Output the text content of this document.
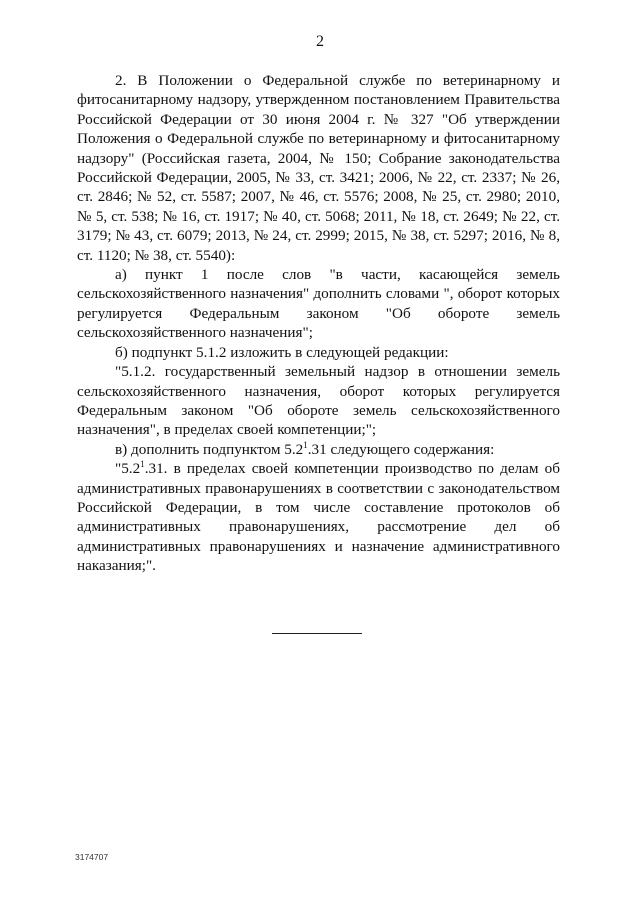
2

2. В Положении о Федеральной службе по ветеринарному и фитосанитарному надзору, утвержденном постановлением Правительства Российской Федерации от 30 июня 2004 г. № 327 "Об утверждении Положения о Федеральной службе по ветеринарному и фитосанитарному надзору" (Российская газета, 2004, № 150; Собрание законодательства Российской Федерации, 2005, № 33, ст. 3421; 2006, № 22, ст. 2337; № 26, ст. 2846; № 52, ст. 5587; 2007, № 46, ст. 5576; 2008, № 25, ст. 2980; 2010, № 5, ст. 538; № 16, ст. 1917; № 40, ст. 5068; 2011, № 18, ст. 2649; № 22, ст. 3179; № 43, ст. 6079; 2013, № 24, ст. 2999; 2015, № 38, ст. 5297; 2016, № 8, ст. 1120; № 38, ст. 5540):

а) пункт 1 после слов "в части, касающейся земель сельскохозяйственного назначения" дополнить словами ", оборот которых регулируется Федеральным законом "Об обороте земель сельскохозяйственного назначения";

б) подпункт 5.1.2 изложить в следующей редакции:

"5.1.2. государственный земельный надзор в отношении земель сельскохозяйственного назначения, оборот которых регулируется Федеральным законом "Об обороте земель сельскохозяйственного назначения", в пределах своей компетенции;";

в) дополнить подпунктом $5.2^1.31$ следующего содержания:

"$5.2^1.31$. в пределах своей компетенции производство по делам об административных правонарушениях в соответствии с законодательством Российской Федерации, в том числе составление протоколов об административных правонарушениях, рассмотрение дел об административных правонарушениях и назначение административного наказания;".

3174707
